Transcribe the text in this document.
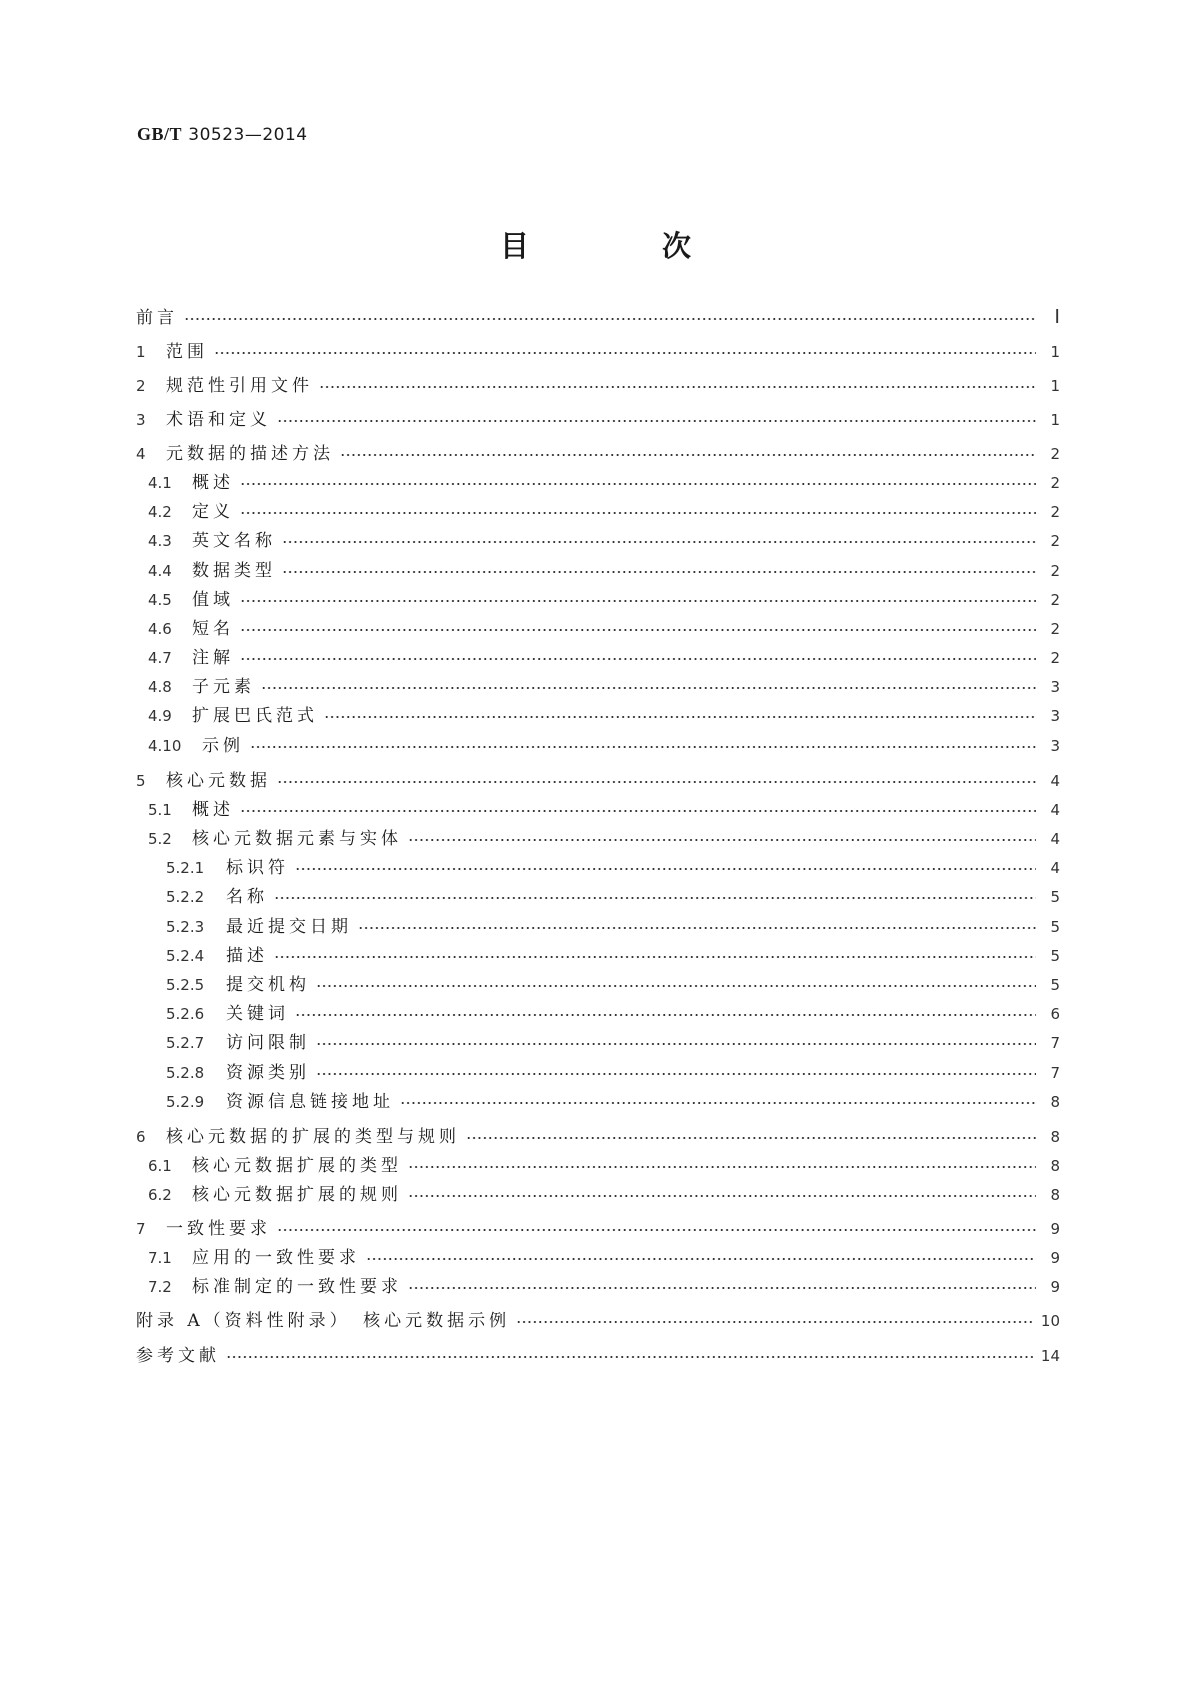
GB/T 30523—2014
目　次
前言	Ⅰ
1	范围	1
2	规范性引用文件	1
3	术语和定义	1
4	元数据的描述方法	2
4.1	概述	2
4.2	定义	2
4.3	英文名称	2
4.4	数据类型	2
4.5	值域	2
4.6	短名	2
4.7	注解	2
4.8	子元素	3
4.9	扩展巴氏范式	3
4.10	示例	3
5	核心元数据	4
5.1	概述	4
5.2	核心元数据元素与实体	4
5.2.1	标识符	4
5.2.2	名称	5
5.2.3	最近提交日期	5
5.2.4	描述	5
5.2.5	提交机构	5
5.2.6	关键词	6
5.2.7	访问限制	7
5.2.8	资源类别	7
5.2.9	资源信息链接地址	8
6	核心元数据的扩展的类型与规则	8
6.1	核心元数据扩展的类型	8
6.2	核心元数据扩展的规则	8
7	一致性要求	9
7.1	应用的一致性要求	9
7.2	标准制定的一致性要求	9
附录 A（资料性附录）　核心元数据示例	10
参考文献	14
